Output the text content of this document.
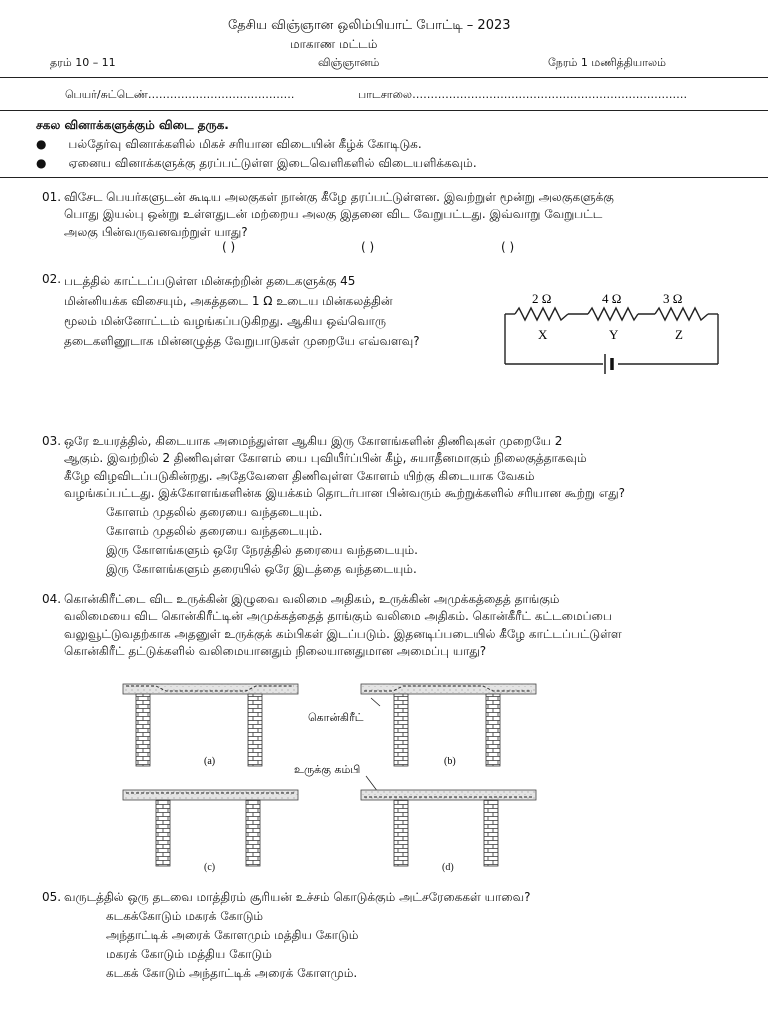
தேசிய விஞ்ஞான ஒலிம்பியாட் போட்டி – 2023
மாகாண மட்டம்
தரம் 10 – 11	விஞ்ஞானம்	நேரம் 1 மணித்தியாலம்
பெயர்/சுட்டெண்………………………………….	பாடசாலை…………………………………………………………………
சகல வினாக்களுக்கும் விடை தருக.
● பல்தேர்வு வினாக்களில் மிகச் சரியான விடையின் கீழ்க் கோடிடுக.
● ஏனைய வினாக்களுக்கு தரப்பட்டுள்ள இடைவெளிகளில் விடையளிக்கவும்.
01. விசேட பெயர்களுடன் கூடிய அலகுகள் நான்கு கீழே தரப்பட்டுள்ளன. இவற்றுள் மூன்று அலகுகளுக்கு
பொது இயல்பு ஒன்று உள்ளதுடன் மற்றைய அலகு இதனை விட வேறுபட்டது. இவ்வாறு வேறுபட்ட
அலகு பின்வருவனவற்றுள் யாது?
( )	( )	( )
02. படத்தில் காட்டப்படுள்ள மின்சுற்றின் தடைகளுக்கு 45
மின்னியக்க விசையும், அகத்தடை 1 Ω உடைய மின்கலத்தின்
மூலம் மின்னோட்டம் வழங்கப்படுகிறது. ஆகிய ஒவ்வொரு
தடைகளினூடாக மின்னழுத்த வேறுபாடுகள் முறையே எவ்வளவு?
2 Ω	4 Ω	3 Ω
X	Y	Z
03. ஒரே உயரத்தில், கிடையாக அமைந்துள்ள ஆகிய இரு கோளங்களின் திணிவுகள் முறையே 2
ஆகும். இவற்றில் 2 திணிவுள்ள கோளம் யை புவியீர்ப்பின் கீழ், சுயாதீனமாகும் நிலைகுத்தாகவும்
கீழே விழவிடப்படுகின்றது. அதேவேளை திணிவுள்ள கோளம் யிற்கு கிடையாக வேகம்
வழங்கப்பட்டது. இக்கோளங்களின்க இயக்கம் தொடர்பான பின்வரும் கூற்றுக்களில் சரியான கூற்று எது?
கோளம் முதலில் தரையை வந்தடையும்.
கோளம் முதலில் தரையை வந்தடையும்.
இரு கோளங்களும் ஒரே நேரத்தில் தரையை வந்தடையும்.
இரு கோளங்களும் தரையில் ஒரே இடத்தை வந்தடையும்.
04. கொன்கிரீட்டை விட உருக்கின் இழுவை வலிமை அதிகம், உருக்கின் அமுக்கத்தைத் தாங்கும்
வலிமையை விட கொன்கிரீட்டின் அமுக்கத்தைத் தாங்கும் வலிமை அதிகம். கொன்கீரீட் கட்டமைப்பை
வலுவூட்டுவதற்காக அதனுள் உருக்குக் கம்பிகள் இடப்படும். இதனடிப்படையில் கீழே காட்டப்பட்டுள்ள
கொன்கிரீட் தட்டுக்களில் வலிமையானதும் நிலையானதுமான அமைப்பு யாது?
(a)
கொன்கிரீட்
(b)
உருக்கு கம்பி
(c)	(d)
05. வருடத்தில் ஒரு தடவை மாத்திரம் சூரியன் உச்சம் கொடுக்கும் அட்சரேகைகள் யாவை?
கடகக்கோடும் மகரக் கோடும்
அந்தாட்டிக் அரைக் கோளமும் மத்திய கோடும்
மகரக் கோடும் மத்திய கோடும்
கடகக் கோடும் அந்தாட்டிக் அரைக் கோளமும்.
